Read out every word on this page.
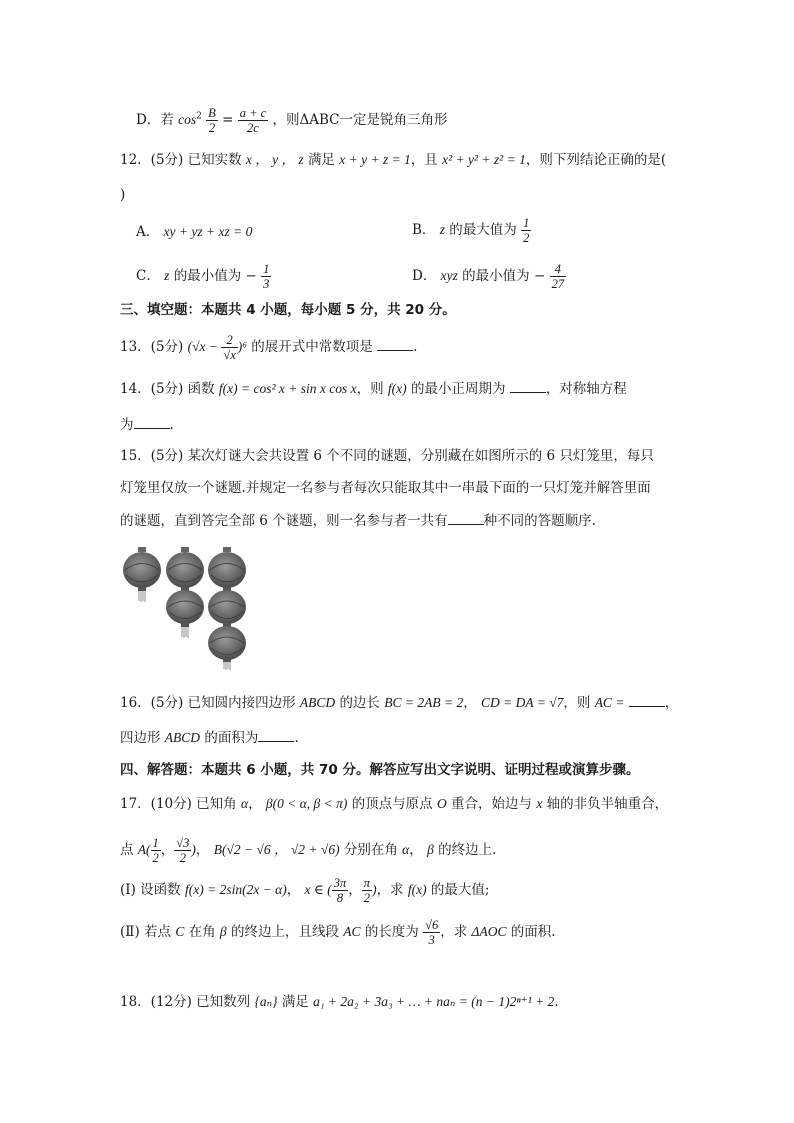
D．若 $\cos^2 \frac{B}{2} = \frac{a + c}{2c}$ ，则ΔABC一定是锐角三角形
12．(5分) 已知实数 x ， y ， z 满足 x + y + z = 1，且 x² + y² + z² = 1，则下列结论正确的是(
)
A． xy + yz + xz = 0	B． z 的最大值为 $\frac{1}{2}$
C． z 的最小值为 − $\frac{1}{3}$	D． xyz 的最小值为 − $\frac{4}{27}$
三、填空题：本题共 4 小题，每小题 5 分，共 20 分。
13．(5分) $(√x - \frac{2}{√x} )^6$ 的展开式中常数项是	.
14．(5分) 函数 f(x) = cos² x + sin x cos x，则 f(x) 的最小正周期为	，对称轴方程
为	.
15．(5分) 某次灯谜大会共设置 6 个不同的谜题，分别藏在如图所示的 6 只灯笼里，每只
灯笼里仅放一个谜题.并规定一名参与者每次只能取其中一串最下面的一只灯笼并解答里面
的谜题，直到答完全部 6 个谜题，则一名参与者一共有	种不同的答题顺序.
16．(5分) 已知圆内接四边形 ABCD 的边长 BC = 2AB = 2， CD = DA = √7，则 AC =	，
四边形 ABCD 的面积为	.
四、解答题：本题共 6 小题，共 70 分。解答应写出文字说明、证明过程或演算步骤。
17．(10分) 已知角 α， β(0 < α, β < π) 的顶点与原点 O 重合，始边与 x 轴的非负半轴重合，
点 $A( \frac{1}{2}$ ， $\frac{√3}{2}$ )， B(√2 − √6 ， √2 + √6) 分别在角 α， β 的终边上.
(Ⅰ) 设函数 f(x) = 2sin(2x − α)， x ∈ ( $\frac{3\pi}{8}$ ， $\frac{\pi}{2}$ )，求 f(x) 的最大值;
(Ⅱ) 若点 C 在角 β 的终边上，且线段 AC 的长度为 $\frac{√6}{3}$ ，求 ΔAOC 的面积.
18．(12分) 已知数列 {aₙ} 满足 a₁ + 2a₂ + 3a₃ + … + naₙ = (n − 1)2ⁿ⁺¹ + 2.
